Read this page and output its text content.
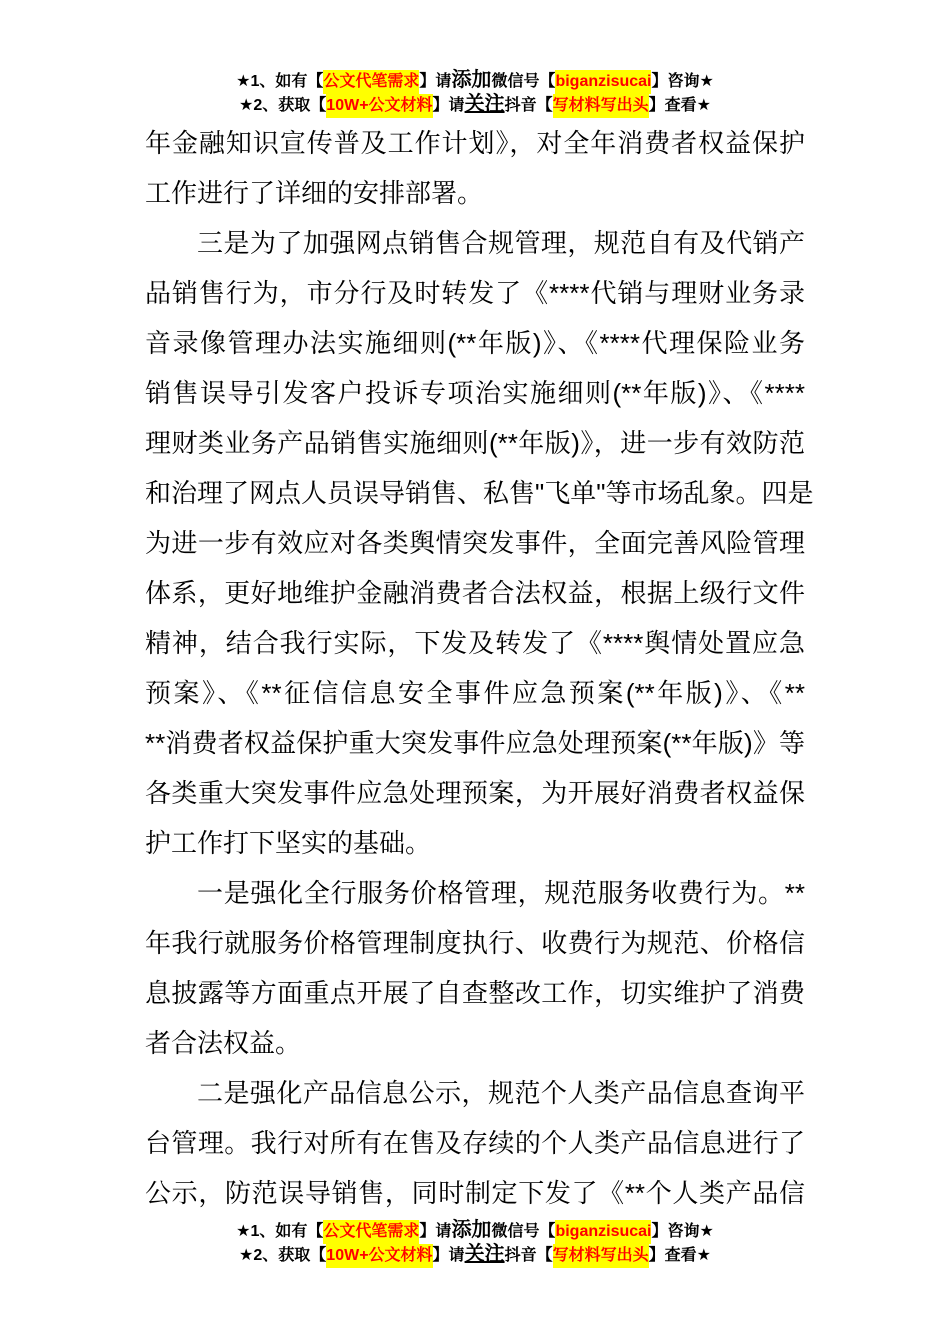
★1、如有【 公文代笔需求 】请 添加 微信号【 biganzisucai 】咨询★
★2、获取【 10W+公文材料 】请 关注 抖音【 写材料写出头 】查看★
年金融知识宣传普及工作计划》，对全年消费者权益保护
工作进行了详细的安排部署。
三是为了加强网点销售合规管理，规范自有及代销产
品销售行为，市分行及时转发了《****代销与理财业务录
音录像管理办法实施细则(**年版)》、《****代理保险业务
销售误导引发客户投诉专项治实施细则(**年版)》、《****
理财类业务产品销售实施细则(**年版)》，进一步有效防范
和治理了网点人员误导销售、私售"飞单"等市场乱象。四是
为进一步有效应对各类舆情突发事件，全面完善风险管理
体系，更好地维护金融消费者合法权益，根据上级行文件
精神，结合我行实际，下发及转发了《****舆情处置应急
预案》、《**征信信息安全事件应急预案(**年版)》、《**
**消费者权益保护重大突发事件应急处理预案(**年版)》等
各类重大突发事件应急处理预案，为开展好消费者权益保
护工作打下坚实的基础。
一是强化全行服务价格管理，规范服务收费行为。**
年我行就服务价格管理制度执行、收费行为规范、价格信
息披露等方面重点开展了自查整改工作，切实维护了消费
者合法权益。
二是强化产品信息公示，规范个人类产品信息查询平
台管理。我行对所有在售及存续的个人类产品信息进行了
公示，防范误导销售，同时制定下发了《**个人类产品信
★1、如有【 公文代笔需求 】请 添加 微信号【 biganzisucai 】咨询★
★2、获取【 10W+公文材料 】请 关注 抖音【 写材料写出头 】查看★
